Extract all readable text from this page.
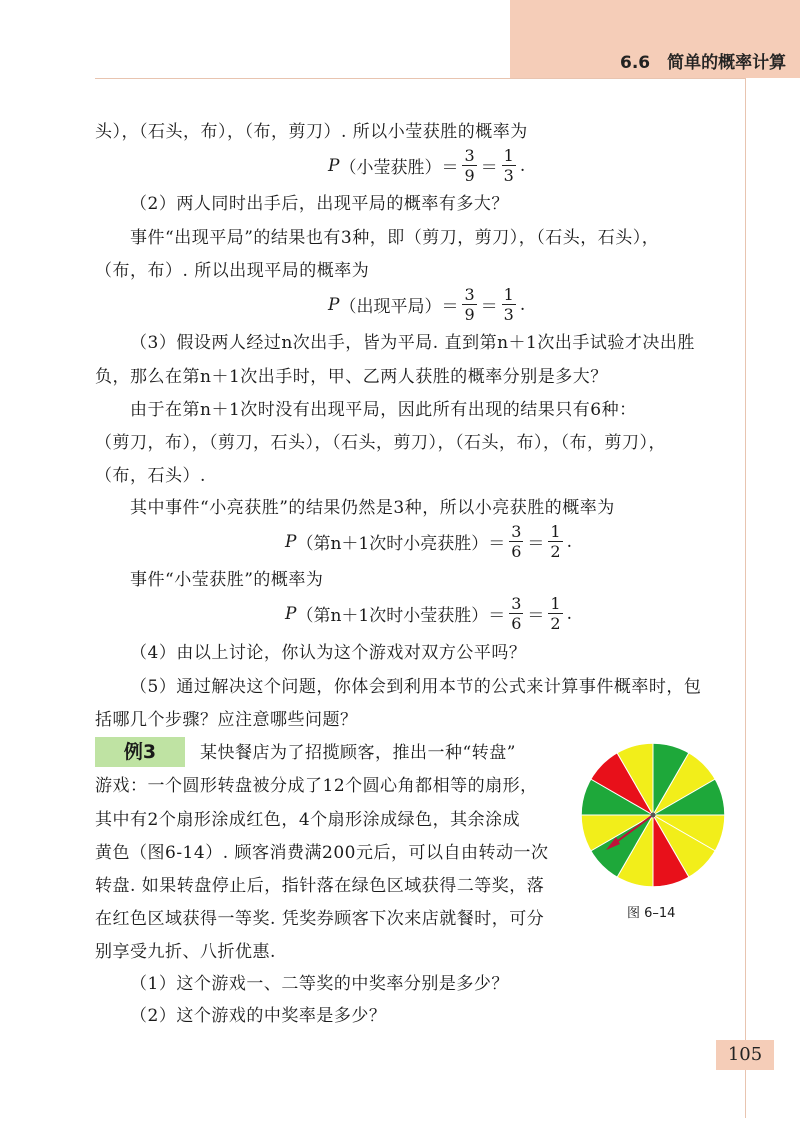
6.6　简单的概率计算
头），（石头，布），（布，剪刀）. 所以小莹获胜的概率为
P （小莹获胜）＝ $\frac{3}{9} = \frac{1}{3}$ .
（2）两人同时出手后，出现平局的概率有多大？
事件“出现平局”的结果也有3种，即（剪刀，剪刀），（石头，石头），
（布，布）. 所以出现平局的概率为
P （出现平局）＝ $\frac{3}{9} = \frac{1}{3}$ .
（3）假设两人经过n次出手，皆为平局. 直到第n＋1次出手试验才决出胜
负，那么在第n＋1次出手时，甲、乙两人获胜的概率分别是多大？
由于在第n＋1次时没有出现平局，因此所有出现的结果只有6种：
（剪刀，布），（剪刀，石头），（石头，剪刀），（石头，布），（布，剪刀），
（布，石头）.
其中事件“小亮获胜”的结果仍然是3种，所以小亮获胜的概率为
P （第n＋1次时小亮获胜）＝ $\frac{3}{6} = \frac{1}{2}$ .
事件“小莹获胜”的概率为
P （第n＋1次时小莹获胜）＝ $\frac{3}{6} = \frac{1}{2}$ .
（4）由以上讨论，你认为这个游戏对双方公平吗？
（5）通过解决这个问题，你体会到利用本节的公式来计算事件概率时，包
括哪几个步骤？应注意哪些问题？
例3	某快餐店为了招揽顾客，推出一种“转盘”
游戏：一个圆形转盘被分成了12个圆心角都相等的扇形，
其中有2个扇形涂成红色，4个扇形涂成绿色，其余涂成
黄色（图6-14）. 顾客消费满200元后，可以自由转动一次
转盘. 如果转盘停止后，指针落在绿色区域获得二等奖，落
在红色区域获得一等奖. 凭奖券顾客下次来店就餐时，可分
别享受九折、八折优惠.
（1）这个游戏一、二等奖的中奖率分别是多少？
（2）这个游戏的中奖率是多少？
图 6–14
105
